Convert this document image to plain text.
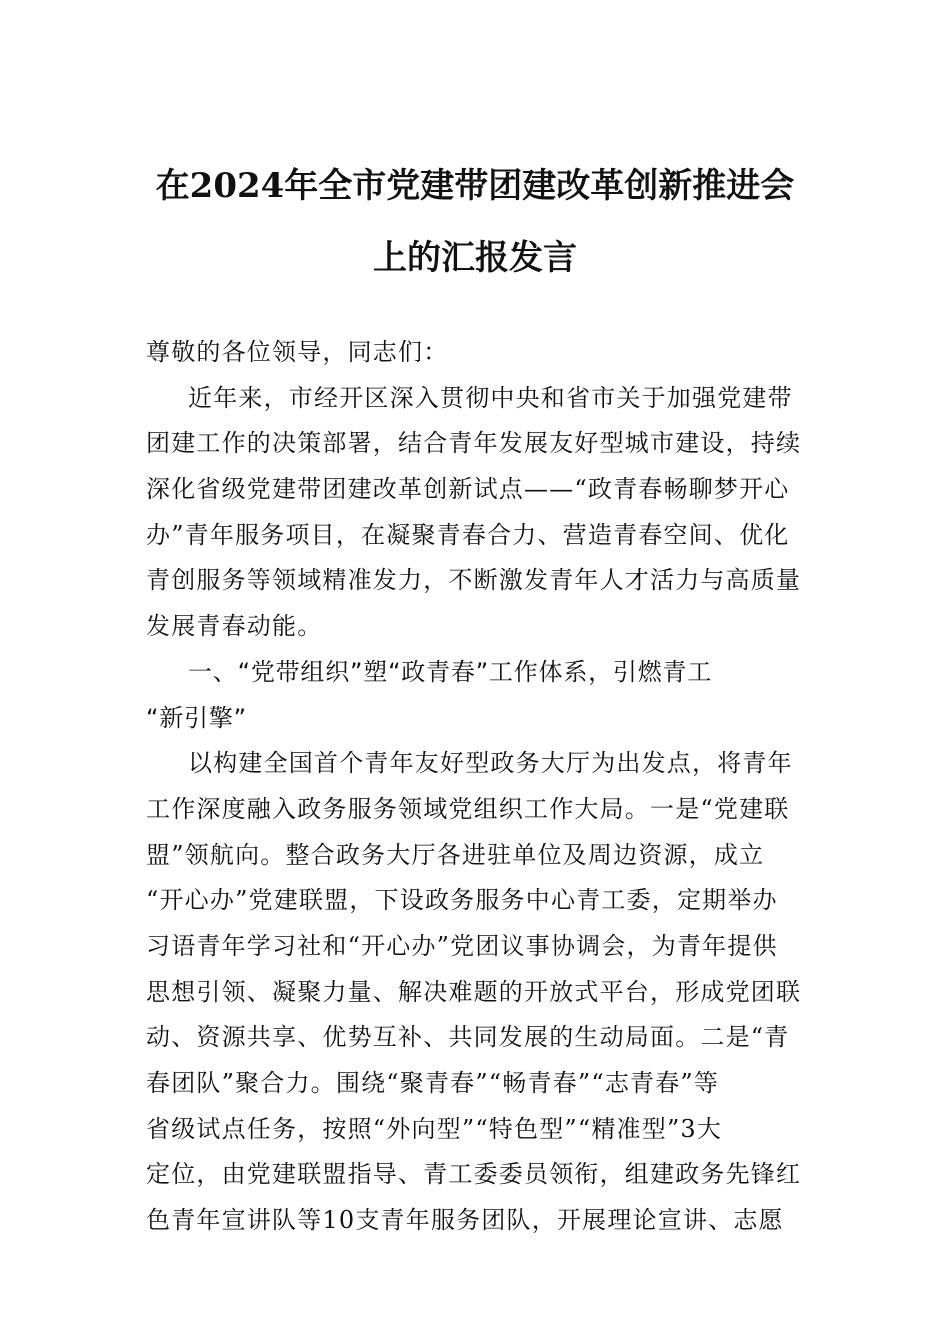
在2024年全市党建带团建改革创新推进会
上的汇报发言
尊敬的各位领导，同志们：
近年来，市经开区深入贯彻中央和省市关于加强党建带
团建工作的决策部署，结合青年发展友好型城市建设，持续
深化省级党建带团建改革创新试点——“政青春畅聊梦开心
办”青年服务项目，在凝聚青春合力、营造青春空间、优化
青创服务等领域精准发力，不断激发青年人才活力与高质量
发展青春动能。
一、“党带组织”塑“政青春”工作体系，引燃青工
“新引擎”
以构建全国首个青年友好型政务大厅为出发点，将青年
工作深度融入政务服务领域党组织工作大局。一是“党建联
盟”领航向。整合政务大厅各进驻单位及周边资源，成立
“开心办”党建联盟，下设政务服务中心青工委，定期举办
习语青年学习社和“开心办”党团议事协调会，为青年提供
思想引领、凝聚力量、解决难题的开放式平台，形成党团联
动、资源共享、优势互补、共同发展的生动局面。二是“青
春团队”聚合力。围绕“聚青春”“畅青春”“志青春”等
省级试点任务，按照“外向型”“特色型”“精准型”3大
定位，由党建联盟指导、青工委委员领衔，组建政务先锋红
色青年宣讲队等10支青年服务团队，开展理论宣讲、志愿
